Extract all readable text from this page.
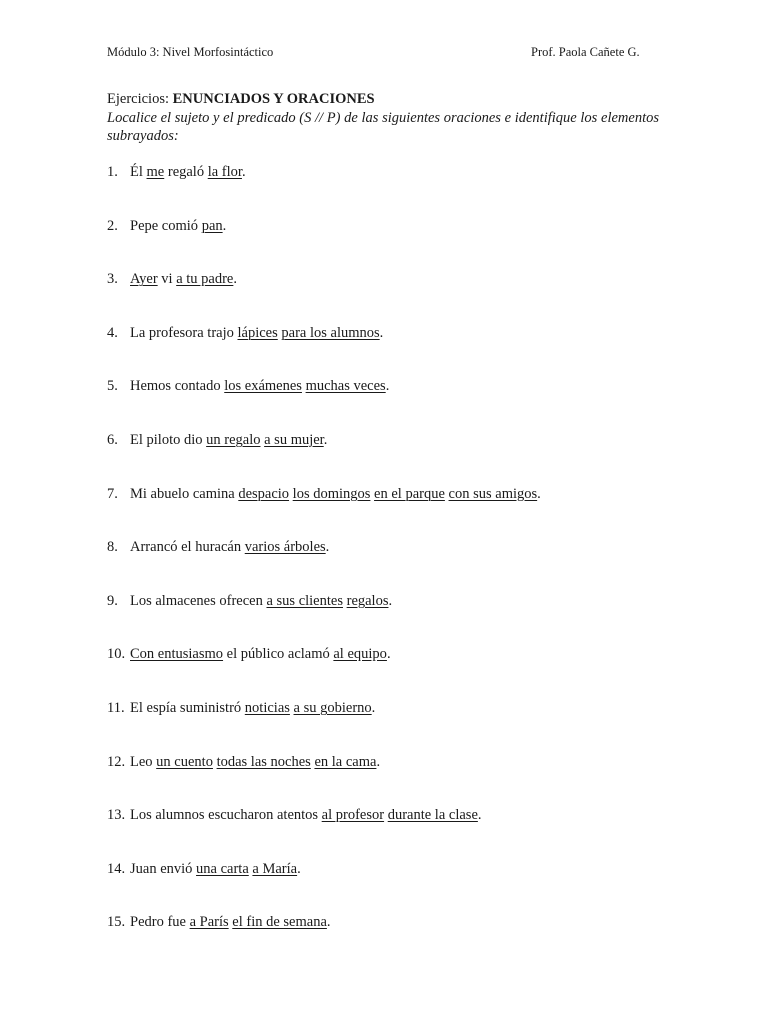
Módulo 3: Nivel Morfosintáctico	Prof. Paola Cañete G.
Ejercicios: ENUNCIADOS Y ORACIONES
Localice el sujeto y el predicado (S // P) de las siguientes oraciones e identifique los elementos subrayados:
1. Él me regaló la flor.
2. Pepe comió pan.
3. Ayer vi a tu padre.
4. La profesora trajo lápices para los alumnos.
5. Hemos contado los exámenes muchas veces.
6. El piloto dio un regalo a su mujer.
7. Mi abuelo camina despacio los domingos en el parque con sus amigos.
8. Arrancó el huracán varios árboles.
9. Los almacenes ofrecen a sus clientes regalos.
10. Con entusiasmo el público aclamó al equipo.
11. El espía suministró noticias a su gobierno.
12. Leo un cuento todas las noches en la cama.
13. Los alumnos escucharon atentos al profesor durante la clase.
14. Juan envió una carta a María.
15. Pedro fue a París el fin de semana.
